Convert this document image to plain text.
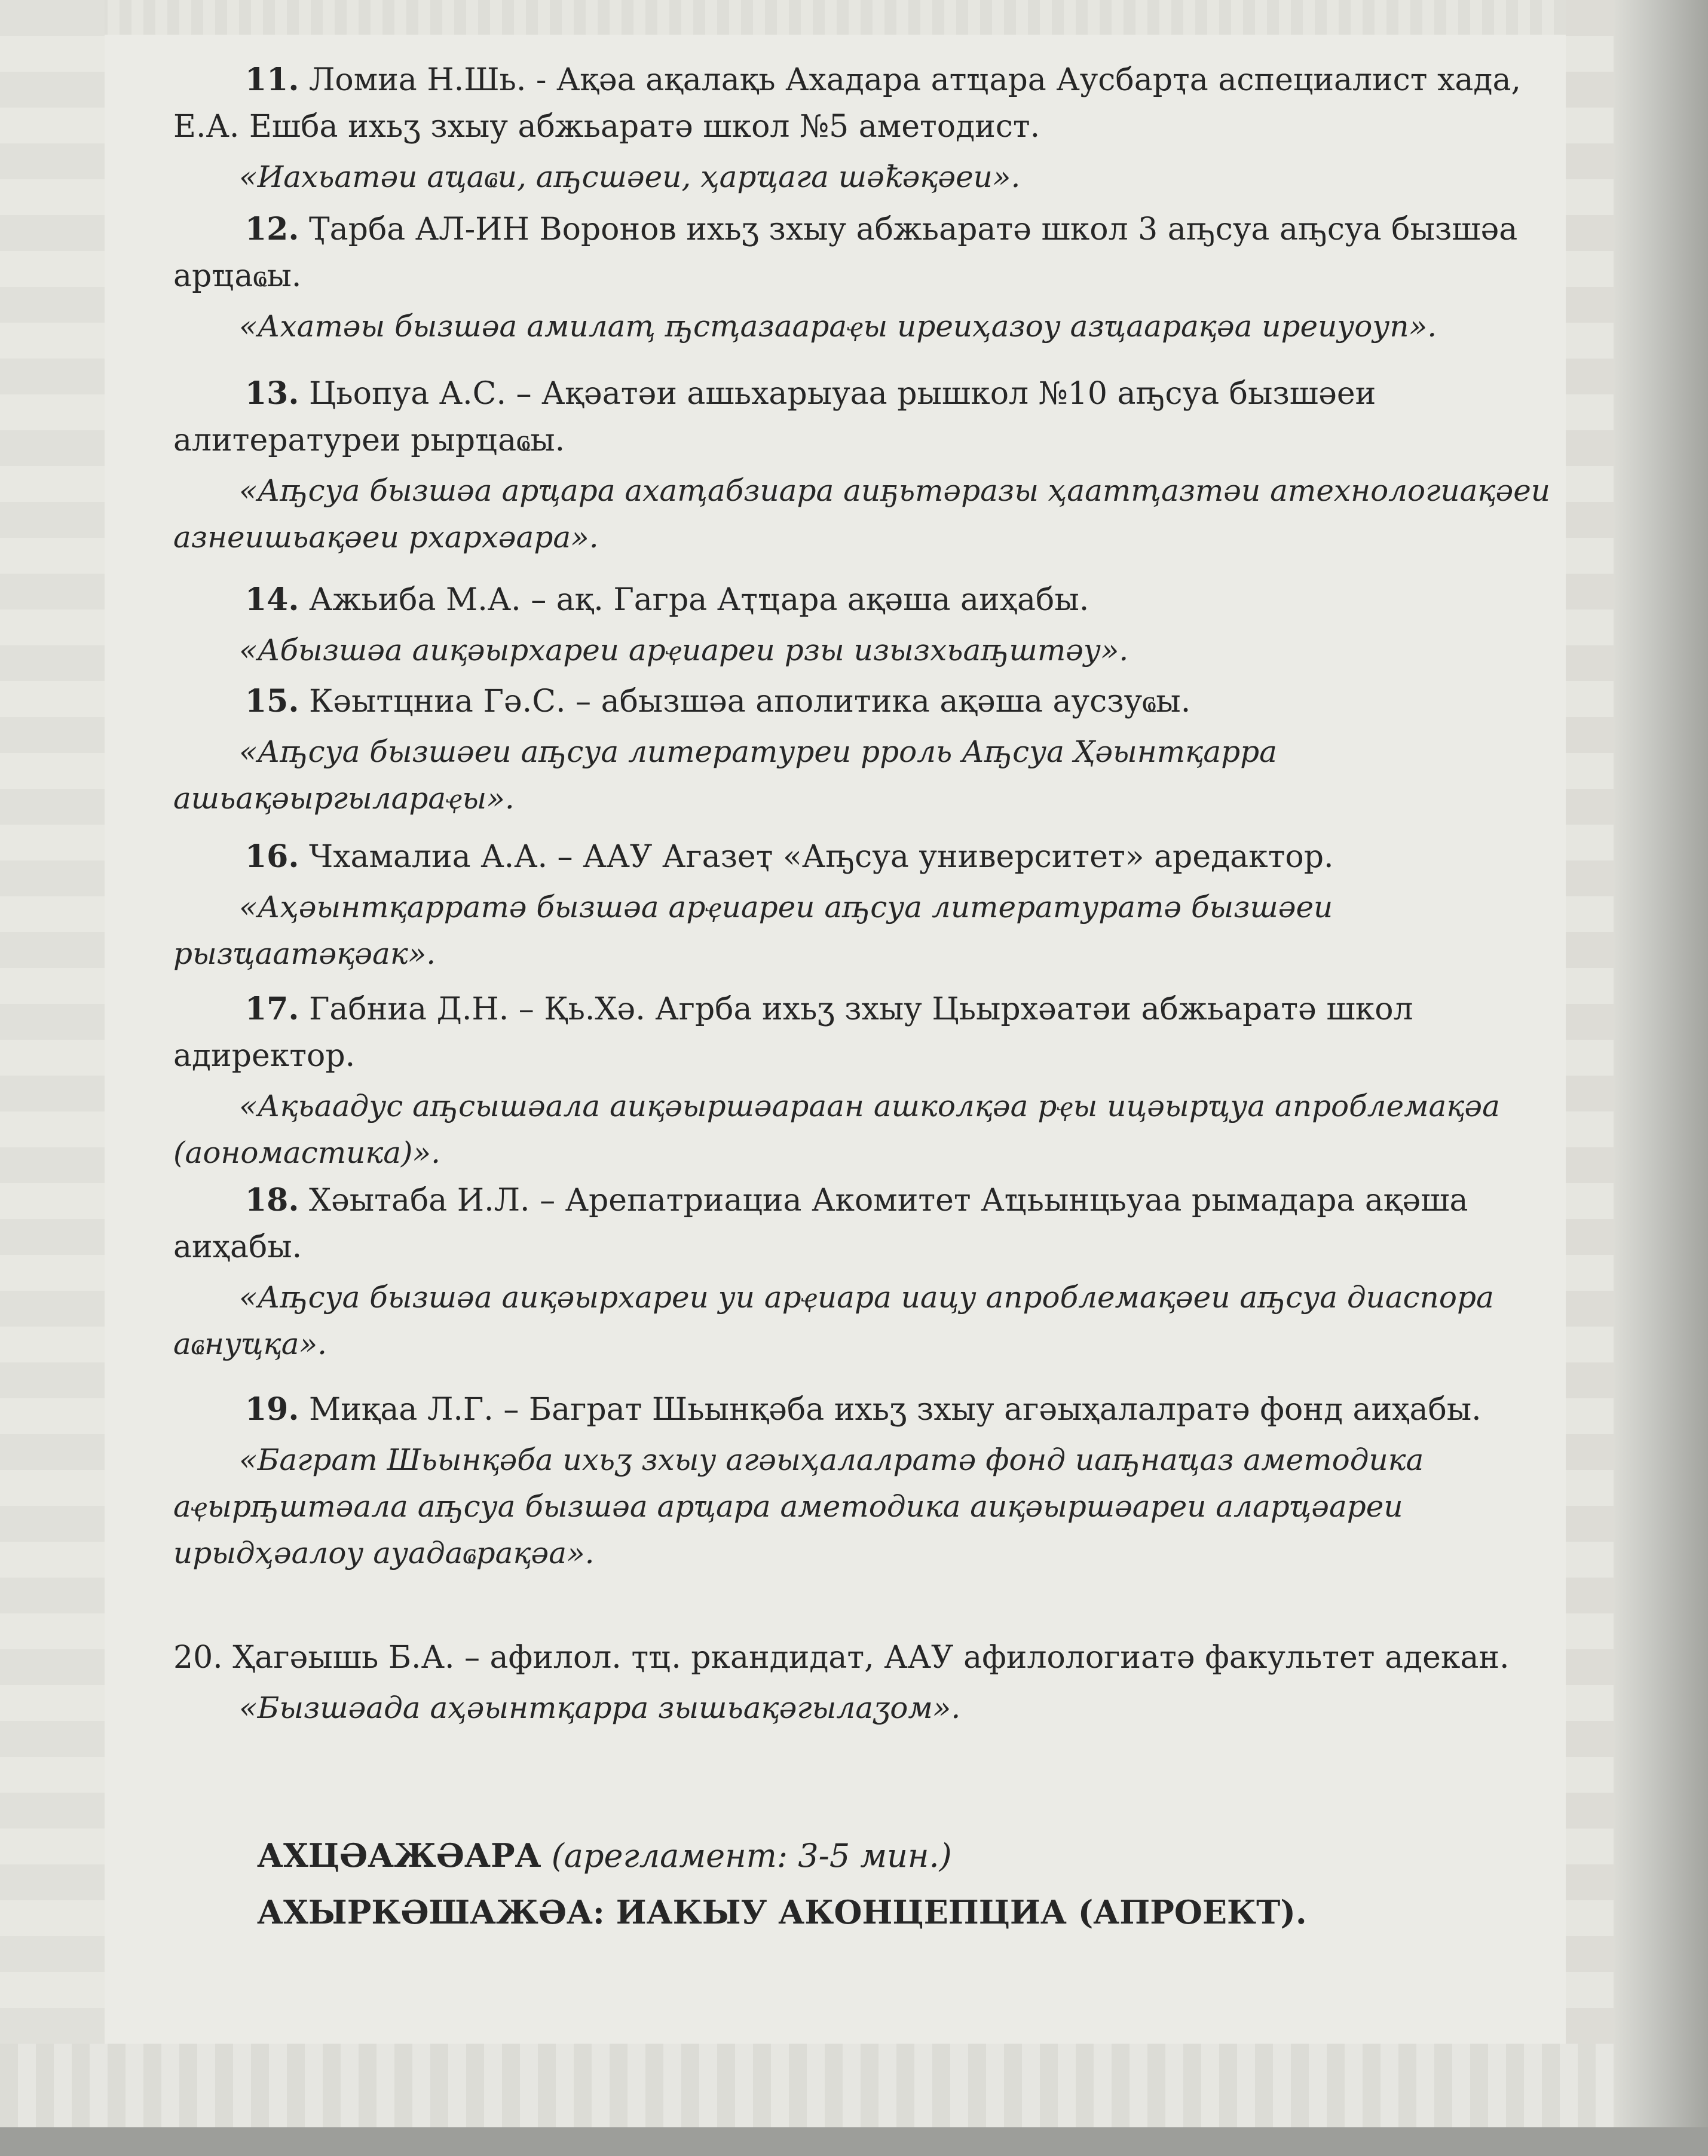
11. Ломиа Н.Шь. - Ақәа ақалақь Ахадара атҵара Аусбарҭа аспециалист хада, Е.А. Ешба ихьӡ зхыу абжьаратә школ №5 аметодист.

«Иахьатәи аҵаҩи, аҧсшәеи, ҳарҵага шәҟәқәеи».

12. Ҭарба АЛ-ИН Воронов ихьӡ зхыу абжьаратә школ 3 аҧсуа аҧсуа бызшәа арҵаҩы.

«Ахатәы бызшәа амилаҭ ҧсҭазаараҿы иреиҳазоу азҵаарақәа иреиуоуп».

13. Цьопуа А.С. – Ақәатәи ашьхарыуаа рышкол №10 аҧсуа бызшәеи алитературеи рырҵаҩы.

«Аҧсуа бызшәа арҵара ахаҭабзиара аиҕьтәразы ҳааmҭазтәи атехнологиақәеи азнеишьақәеи рхархәара».

14. Ажьиба М.А. – ақ. Гагра Аҭҵара ақәша аиҳабы.

«Абызшәа аиқәырхареи арҿиареи рзы изызхьаҧштәу».

15. Кәытцниа Гә.С. – абызшәа аполитика ақәша аусзуҩы.

«Аҧсуа бызшәеи аҧсуа литературеи рроль Аҧсуа Ҳәынтқарра ашьақәыргыларaҿы».

16. Чхамалиа А.А. – ААУ Агазеҭ «Аҧсуа университет» аредактор.

«Аҳәынтқарратә бызшәа арҿиареи аҧсуа литературатә бызшәеи рызҵаатәқәак».

17. Габниа Д.Н. – Қь.Хә. Агрба ихьӡ зхыу Цьырхәатәи абжьаратә школ адиректор.

«Ақьаадус аҧсышәала аиқәыршәараан ашколқәа рҿы ицәырҵуа апроблемақәа (аономастика)».

18. Хәытаба И.Л. – Арепатриациа Акомитет Аҵьынцьуаа рымадара ақәша аиҳабы.

«Аҧсуа бызшәа аиқәырхареи уи арҿиара иацу апроблемақәеи аҧсуа диаспора аҩнуҵқа».

19. Миқаа Л.Г. – Баграт Шьынқәба ихьӡ зхыу агәыҳалалратә фонд аиҳабы.

«Баграт Шьынқәба ихьӡ зхыу агәыҳалалратә фонд иаҧнаҵаз аметодика аҿырҧштәала аҧсуа бызшәа арҵара аметодика аиқәыршәареи аларҵәареи ирыдҳәалоу ауадаҩрақәа».

20. Ҳагәышь Б.А. – афилол. ҭҵ. ркандидат, ААУ афилологиатә факультет адекан.

«Бызшәада аҳәынтқарра зышьақәгылаӡом».

АХЦӘАЖӘАРА (арегламент: 3-5 мин.)
АХЫРКӘШАЖӘА: ИАКЫУ АКОНЦЕПЦИА (АПРОЕКТ).
